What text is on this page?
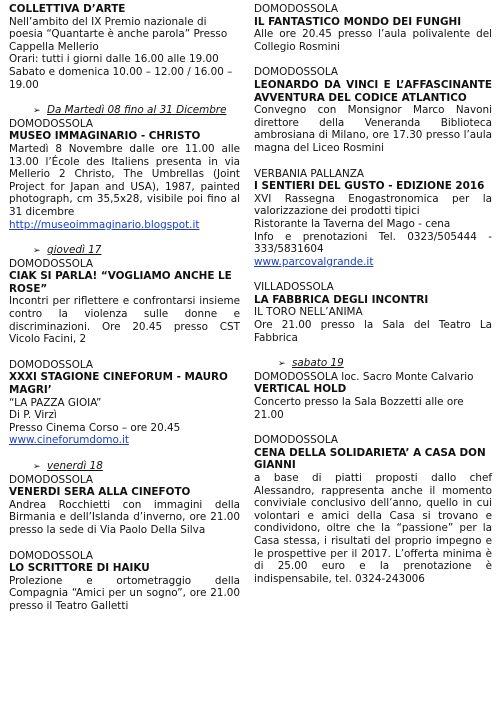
COLLETTIVA D’ARTE
Nell’ambito del IX Premio nazionale di poesia “Quantarte è anche parola” Presso Cappella Mellerio
Orari: tutti i giorni dalle 16.00 alle 19.00
Sabato e domenica 10.00 – 12.00 / 16.00 – 19.00
➢ Da Martedì 08 fino al 31 Dicembre
DOMODOSSOLA
MUSEO IMMAGINARIO - CHRISTO
Martedì 8 Novembre dalle ore 11.00 alle 13.00 l’École des Italiens presenta in via Mellerio 2 Christo, The Umbrellas (Joint Project for Japan and USA), 1987, painted photograph, cm 35,5x28, visibile poi fino al 31 dicembre
http://museoimmaginario.blogspot.it
➢ giovedì 17
DOMODOSSOLA
CIAK SI PARLA! “VOGLIAMO ANCHE LE ROSE”
Incontri per riflettere e confrontarsi insieme contro la violenza sulle donne e discriminazioni. Ore 20.45 presso CST Vicolo Facini, 2
DOMODOSSOLA
XXXI STAGIONE CINEFORUM - MAURO MAGRI’
“LA PAZZA GIOIA”
Di P. Virzì
Presso Cinema Corso – ore 20.45
www.cineforumdomo.it
➢ venerdì 18
DOMODOSSOLA
VENERDI SERA ALLA CINEFOTO
Andrea Rocchietti con immagini della Birmania e dell’Islanda d’inverno, ore 21.00 presso la sede di Via Paolo Della Silva
DOMODOSSOLA
LO SCRITTORE DI HAIKU
Prolezione e ortometraggio della Compagnia “Amici per un sogno”, ore 21.00 presso il Teatro Galletti
DOMODOSSOLA
IL FANTASTICO MONDO DEI FUNGHI
Alle ore 20.45 presso l’aula polivalente del Collegio Rosmini
DOMODOSSOLA
LEONARDO DA VINCI E L’AFFASCINANTE AVVENTURA DEL CODICE ATLANTICO
Convegno con Monsignor Marco Navoni direttore della Veneranda Biblioteca ambrosiana di Milano, ore 17.30 presso l’aula magna del Liceo Rosmini
VERBANIA PALLANZA
I SENTIERI DEL GUSTO - EDIZIONE 2016
XVI Rassegna Enogastronomica per la valorizzazione dei prodotti tipici
Ristorante la Taverna del Mago - cena
Info e prenotazioni Tel. 0323/505444 - 333/5831604
www.parcovalgrande.it
VILLADOSSOLA
LA FABBRICA DEGLI INCONTRI
IL TORO NELL’ANIMA
Ore 21.00 presso la Sala del Teatro La Fabbrica
➢ sabato 19
DOMODOSSOLA loc. Sacro Monte Calvario
VERTICAL HOLD
Concerto presso la Sala Bozzetti alle ore 21.00
DOMODOSSOLA
CENA DELLA SOLIDARIETA’ A CASA DON GIANNI
a base di piatti proposti dallo chef Alessandro, rappresenta anche il momento conviviale conclusivo dell’anno, quello in cui volontari e amici della Casa si trovano e condividono, oltre che la “passione” per la Casa stessa, i risultati del proprio impegno e le prospettive per il 2017. L’offerta minima è di 25.00 euro e la prenotazione è indispensabile, tel. 0324-243006
